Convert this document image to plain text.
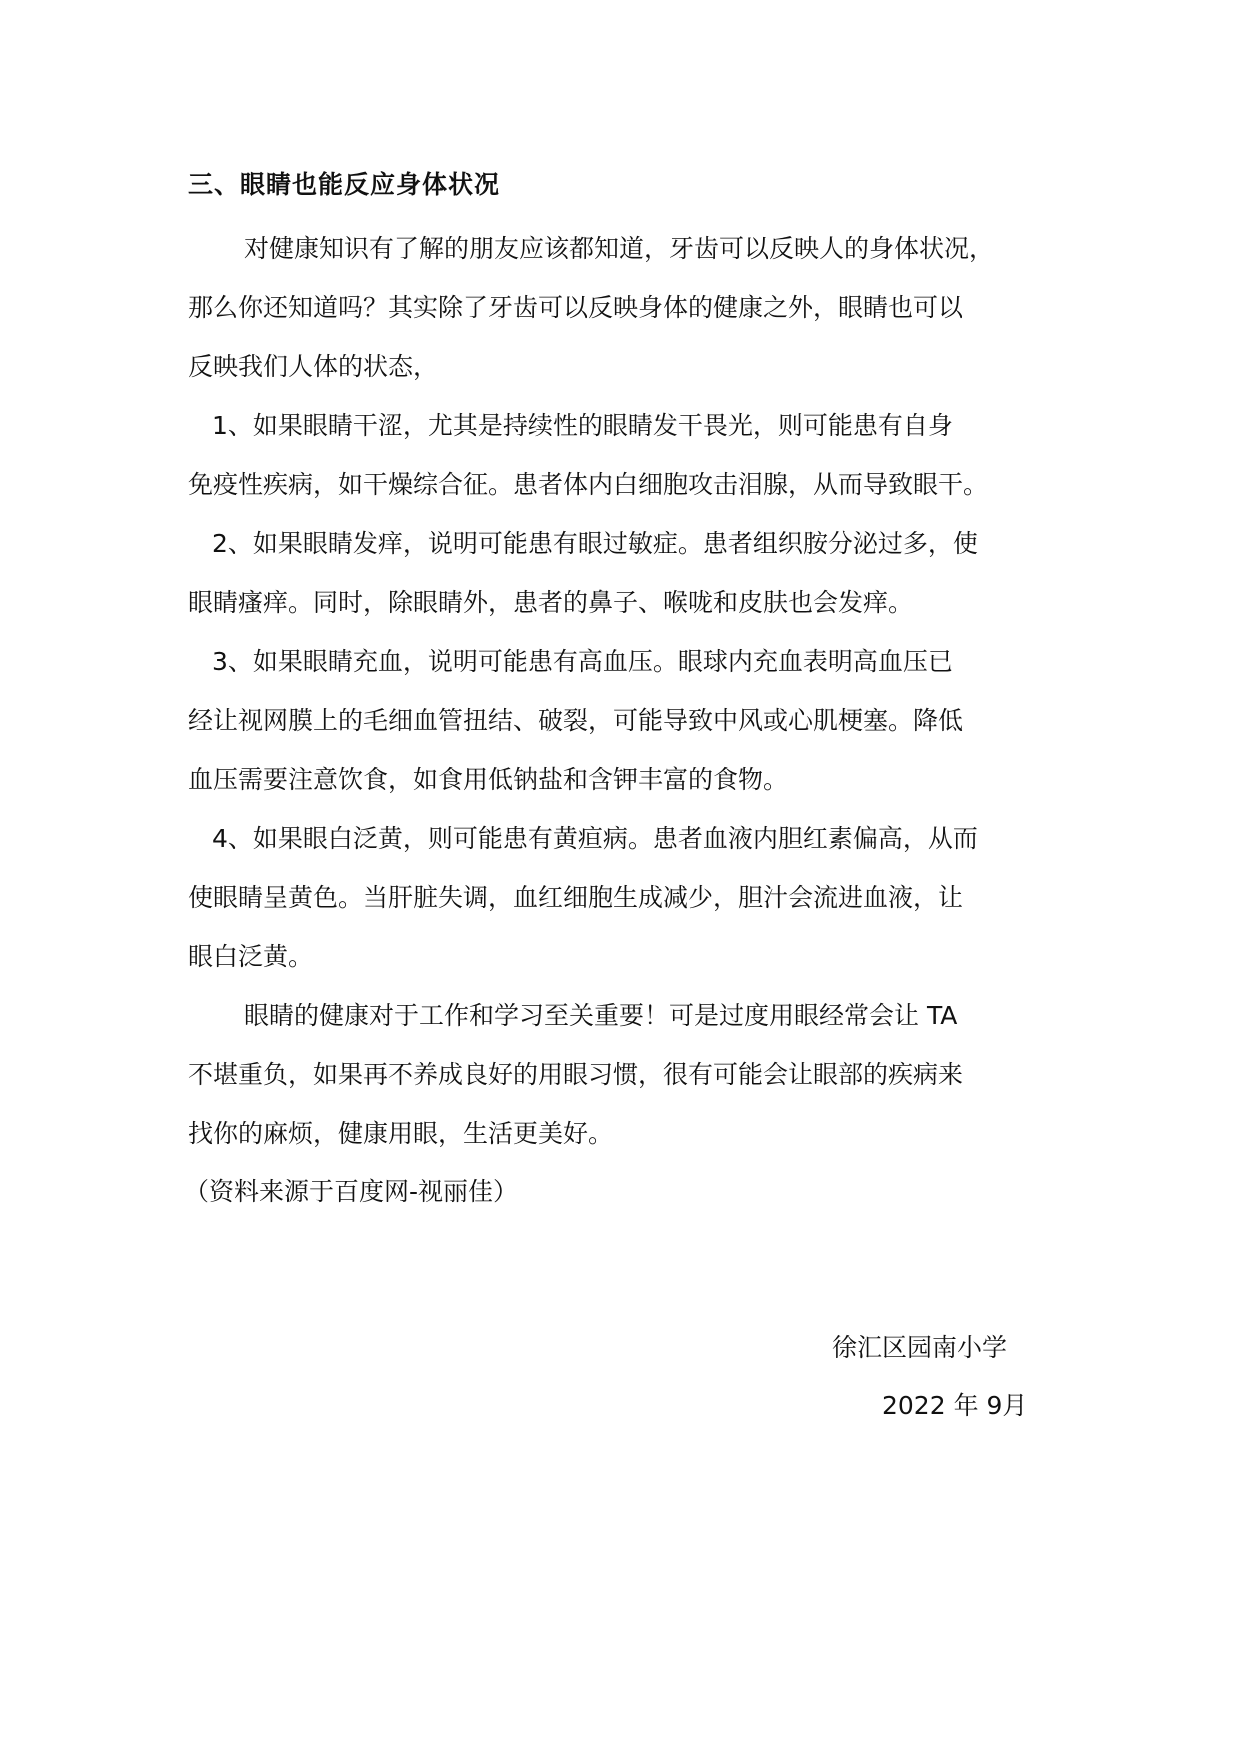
三、眼睛也能反应身体状况
对健康知识有了解的朋友应该都知道，牙齿可以反映人的身体状况，
那么你还知道吗？其实除了牙齿可以反映身体的健康之外，眼睛也可以
反映我们人体的状态，
1、如果眼睛干涩，尤其是持续性的眼睛发干畏光，则可能患有自身
免疫性疾病，如干燥综合征。患者体内白细胞攻击泪腺，从而导致眼干。
2、如果眼睛发痒，说明可能患有眼过敏症。患者组织胺分泌过多，使
眼睛瘙痒。同时，除眼睛外，患者的鼻子、喉咙和皮肤也会发痒。
3、如果眼睛充血，说明可能患有高血压。眼球内充血表明高血压已
经让视网膜上的毛细血管扭结、破裂，可能导致中风或心肌梗塞。降低
血压需要注意饮食，如食用低钠盐和含钾丰富的食物。
4、如果眼白泛黄，则可能患有黄疸病。患者血液内胆红素偏高，从而
使眼睛呈黄色。当肝脏失调，血红细胞生成减少，胆汁会流进血液，让
眼白泛黄。
眼睛的健康对于工作和学习至关重要！可是过度用眼经常会让 TA
不堪重负，如果再不养成良好的用眼习惯，很有可能会让眼部的疾病来
找你的麻烦，健康用眼，生活更美好。
（资料来源于百度网-视丽佳）
徐汇区园南小学
2022 年 9月
